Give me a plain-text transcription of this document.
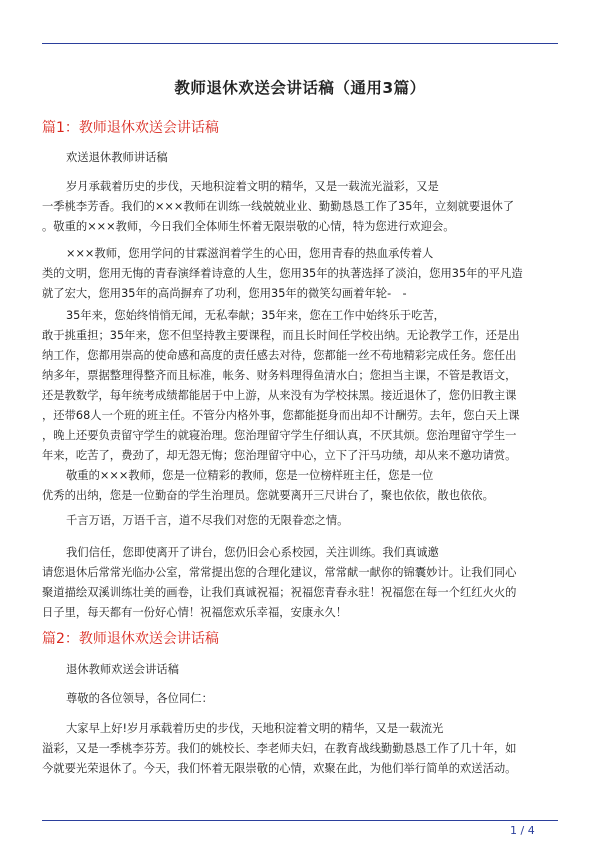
教师退休欢送会讲话稿（通用3篇）
篇1：教师退休欢送会讲话稿
欢送退休教师讲话稿
岁月承载着历史的步伐，天地积淀着文明的精华，又是一载流光溢彩，又是
一季桃李芳香。我们的×××教师在训练一线兢兢业业、勤勤恳恳工作了35年，立刻就要退休了
。敬重的×××教师，今日我们全体师生怀着无限崇敬的心情，特为您进行欢迎会。
×××教师，您用学问的甘霖滋润着学生的心田，您用青春的热血承传着人
类的文明，您用无悔的青春演绎着诗意的人生，您用35年的执著选择了淡泊，您用35年的平凡造
就了宏大，您用35年的高尚摒弃了功利，您用35年的微笑勾画着年轮-　-
35年来，您始终悄悄无闻，无私奉献；35年来，您在工作中始终乐于吃苦，
敢于挑重担；35年来，您不但坚持教主要课程，而且长时间任学校出纳。无论教学工作，还是出
纳工作，您都用崇高的使命感和高度的责任感去对待，您都能一丝不苟地精彩完成任务。您任出
纳多年，票据整理得整齐而且标准，帐务、财务料理得鱼清水白；您担当主课，不管是教语文，
还是教数学，每年统考成绩都能居于中上游，从来没有为学校抹黑。接近退休了，您仍旧教主课
，还带68人一个班的班主任。不管分内格外事，您都能挺身而出却不计酬劳。去年，您白天上课
，晚上还要负责留守学生的就寝治理。您治理留守学生仔细认真，不厌其烦。您治理留守学生一
年来，吃苦了，费劲了，却无怨无悔；您治理留守中心，立下了汗马功绩，却从来不邀功请赏。
敬重的×××教师，您是一位精彩的教师，您是一位榜样班主任，您是一位
优秀的出纳，您是一位勤奋的学生治理员。您就要离开三尺讲台了，聚也依依，散也依依。
千言万语，万语千言，道不尽我们对您的无限眷恋之情。
我们信任，您即使离开了讲台，您仍旧会心系校园，关注训练。我们真诚邀
请您退休后常常光临办公室，常常提出您的合理化建议，常常献一献你的锦囊妙计。让我们同心
聚道描绘双溪训练壮美的画卷，让我们真诚祝福；祝福您青春永驻！祝福您在每一个红红火火的
日子里，每天都有一份好心情！祝福您欢乐幸福，安康永久！
篇2：教师退休欢送会讲话稿
退休教师欢送会讲话稿
尊敬的各位领导，各位同仁：
大家早上好!岁月承载着历史的步伐，天地积淀着文明的精华，又是一载流光
溢彩，又是一季桃李芬芳。我们的姚校长、李老师夫妇，在教育战线勤勤恳恳工作了几十年，如
今就要光荣退休了。今天，我们怀着无限崇敬的心情，欢聚在此，为他们举行简单的欢送活动。
1 / 4
